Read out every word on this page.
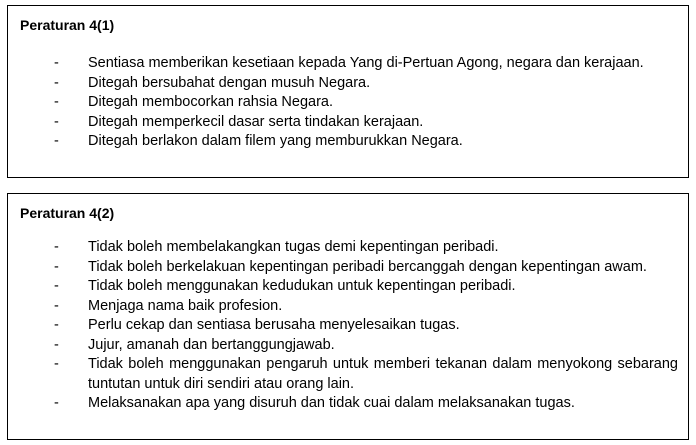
Peraturan 4(1)
- Sentiasa memberikan kesetiaan kepada Yang di-Pertuan Agong, negara dan kerajaan.
- Ditegah bersubahat dengan musuh Negara.
- Ditegah membocorkan rahsia Negara.
- Ditegah memperkecil dasar serta tindakan kerajaan.
- Ditegah berlakon dalam filem yang memburukkan Negara.
Peraturan 4(2)
- Tidak boleh membelakangkan tugas demi kepentingan peribadi.
- Tidak boleh berkelakuan kepentingan peribadi bercanggah dengan kepentingan awam.
- Tidak boleh menggunakan kedudukan untuk kepentingan peribadi.
- Menjaga nama baik profesion.
- Perlu cekap dan sentiasa berusaha menyelesaikan tugas.
- Jujur, amanah dan bertanggungjawab.
- Tidak boleh menggunakan pengaruh untuk memberi tekanan dalam menyokong sebarang tuntutan untuk diri sendiri atau orang lain.
- Melaksanakan apa yang disuruh dan tidak cuai dalam melaksanakan tugas.
